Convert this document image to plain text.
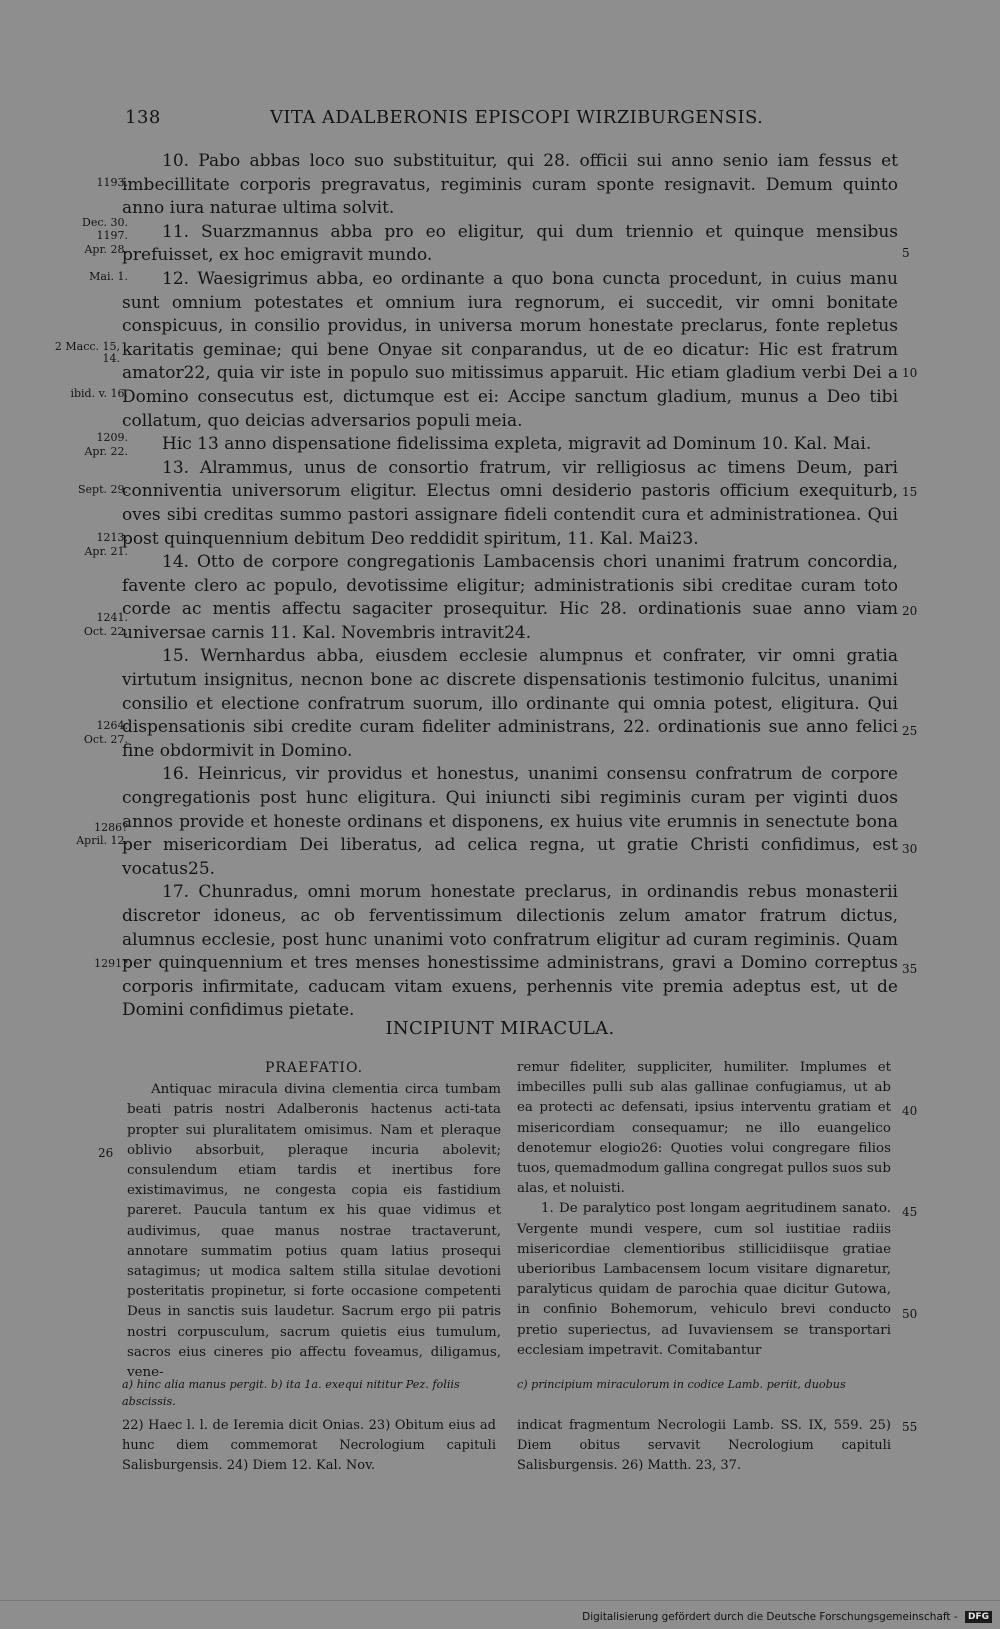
138	VITA ADALBERONIS EPISCOPI WIRZIBURGENSIS.
1193.
Dec. 30.
1197.
Apr. 28.
Mai. 1.
2 Macc. 15, 14.
ibid. v. 16.
1209.
Apr. 22.
Sept. 29.
1213.
Apr. 21.
1241.
Oct. 22.
1264.
Oct. 27.
1286?
April. 12.
1291?
5
10
15
20
25
30
35
40
45
50
55
26

10. Pabo abbas loco suo substituitur, qui 28. officii sui anno senio iam fessus et imbecillitate corporis pregravatus, regiminis curam sponte resignavit. Demum quinto anno iura naturae ultima solvit.

11. Suarzmannus abba pro eo eligitur, qui dum triennio et quinque mensibus prefuisset, ex hoc emigravit mundo.

12. Waesigrimus abba, eo ordinante a quo bona cuncta procedunt, in cuius manu sunt omnium potestates et omnium iura regnorum, ei succedit, vir omni bonitate conspicuus, in consilio providus, in universa morum honestate preclarus, fonte repletus karitatis geminae; qui bene Onyae sit conparandus, ut de eo dicatur: Hic est fratrum amator22, quia vir iste in populo suo mitissimus apparuit. Hic etiam gladium verbi Dei a Domino consecutus est, dictumque est ei: Accipe sanctum gladium, munus a Deo tibi collatum, quo deicias adversarios populi meia.

Hic 13 anno dispensatione fidelissima expleta, migravit ad Dominum 10. Kal. Mai.

13. Alrammus, unus de consortio fratrum, vir relligiosus ac timens Deum, pari conniventia universorum eligitur. Electus omni desiderio pastoris officium exequiturb, oves sibi creditas summo pastori assignare fideli contendit cura et administrationea. Qui post quinquennium debitum Deo reddidit spiritum, 11. Kal. Mai23.

14. Otto de corpore congregationis Lambacensis chori unanimi fratrum concordia, favente clero ac populo, devotissime eligitur; administrationis sibi creditae curam toto corde ac mentis affectu sagaciter prosequitur. Hic 28. ordinationis suae anno viam universae carnis 11. Kal. Novembris intravit24.

15. Wernhardus abba, eiusdem ecclesie alumpnus et confrater, vir omni gratia virtutum insignitus, necnon bone ac discrete dispensationis testimonio fulcitus, unanimi consilio et electione confratrum suorum, illo ordinante qui omnia potest, eligitura. Qui dispensationis sibi credite curam fideliter administrans, 22. ordinationis sue anno felici fine obdormivit in Domino.

16. Heinricus, vir providus et honestus, unanimi consensu confratrum de corpore congregationis post hunc eligitura. Qui iniuncti sibi regiminis curam per viginti duos annos provide et honeste ordinans et disponens, ex huius vite erumnis in senectute bona per misericordiam Dei liberatus, ad celica regna, ut gratie Christi confidimus, est vocatus25.

17. Chunradus, omni morum honestate preclarus, in ordinandis rebus monasterii discretor idoneus, ac ob ferventissimum dilectionis zelum amator fratrum dictus, alumnus ecclesie, post hunc unanimi voto confratrum eligitur ad curam regiminis. Quam per quinquennium et tres menses honestissime administrans, gravi a Domino correptus corporis infirmitate, caducam vitam exuens, perhennis vite premia adeptus est, ut de Domini confidimus pietate.

INCIPIUNT MIRACULA.

PRAEFATIO.

Antiquac miracula divina clementia circa tumbam beati patris nostri Adalberonis hactenus acti-tata propter sui pluralitatem omisimus. Nam et pleraque oblivio absorbuit, pleraque incuria abolevit; consulendum etiam tardis et inertibus fore existimavimus, ne congesta copia eis fastidium pareret. Paucula tantum ex his quae vidimus et audivimus, quae manus nostrae tractaverunt, annotare summatim potius quam latius prosequi satagimus; ut modica saltem stilla situlae devotioni posteritatis propinetur, si forte occasione competenti Deus in sanctis suis laudetur. Sacrum ergo pii patris nostri corpusculum, sacrum quietis eius tumulum, sacros eius cineres pio affectu foveamus, diligamus, vene-

remur fideliter, suppliciter, humiliter. Implumes et imbecilles pulli sub alas gallinae confugiamus, ut ab ea protecti ac defensati, ipsius interventu gratiam et misericordiam consequamur; ne illo euangelico denotemur elogio26: Quoties volui congregare filios tuos, quemadmodum gallina congregat pullos suos sub alas, et noluisti.

1. De paralytico post longam aegritudinem sanato. Vergente mundi vespere, cum sol iustitiae radiis misericordiae clementioribus stillicidiisque gratiae uberioribus Lambacensem locum visitare dignaretur, paralyticus quidam de parochia quae dicitur Gutowa, in confinio Bohemorum, vehiculo brevi conducto pretio superiectus, ad Iuvaviensem se transportari ecclesiam impetravit. Comitabantur

a) hinc alia manus pergit. b) ita 1a. exequi nititur Pez. foliis abscissis.
c) principium miraculorum in codice Lamb. periit, duobus
22) Haec l. l. de Ieremia dicit Onias. 23) Obitum eius ad hunc diem commemorat Necrologium capituli Salisburgensis. 24) Diem 12. Kal. Nov.
indicat fragmentum Necrologii Lamb. SS. IX, 559. 25) Diem obitus servavit Necrologium capituli Salisburgensis. 26) Matth. 23, 37.
Digitalisierung gefördert durch die Deutsche Forschungsgemeinschaft - DFG
